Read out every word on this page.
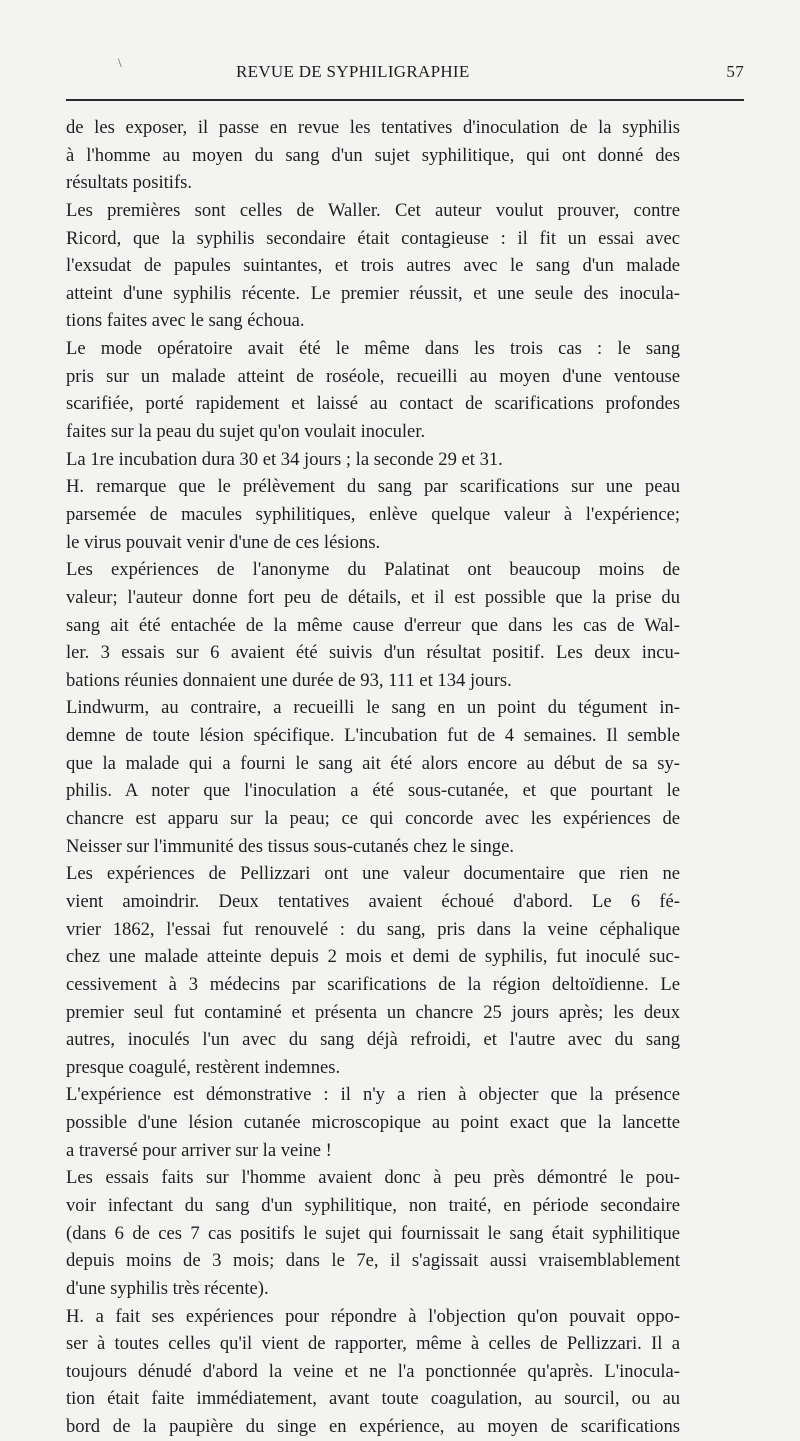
\	REVUE DE SYPHILIGRAPHIE	57
de les exposer, il passe en revue les tentatives d'inoculation de la syphilis
à l'homme au moyen du sang d'un sujet syphilitique, qui ont donné des
résultats positifs.
Les premières sont celles de Waller. Cet auteur voulut prouver, contre
Ricord, que la syphilis secondaire était contagieuse : il fit un essai avec
l'exsudat de papules suintantes, et trois autres avec le sang d'un malade
atteint d'une syphilis récente. Le premier réussit, et une seule des inocula-
tions faites avec le sang échoua.
Le mode opératoire avait été le même dans les trois cas : le sang
pris sur un malade atteint de roséole, recueilli au moyen d'une ventouse
scarifiée, porté rapidement et laissé au contact de scarifications profondes
faites sur la peau du sujet qu'on voulait inoculer.
La 1re incubation dura 30 et 34 jours ; la seconde 29 et 31.
H. remarque que le prélèvement du sang par scarifications sur une peau
parsemée de macules syphilitiques, enlève quelque valeur à l'expérience;
le virus pouvait venir d'une de ces lésions.
Les expériences de l'anonyme du Palatinat ont beaucoup moins de
valeur; l'auteur donne fort peu de détails, et il est possible que la prise du
sang ait été entachée de la même cause d'erreur que dans les cas de Wal-
ler. 3 essais sur 6 avaient été suivis d'un résultat positif. Les deux incu-
bations réunies donnaient une durée de 93, 111 et 134 jours.
Lindwurm, au contraire, a recueilli le sang en un point du tégument in-
demne de toute lésion spécifique. L'incubation fut de 4 semaines. Il semble
que la malade qui a fourni le sang ait été alors encore au début de sa sy-
philis. A noter que l'inoculation a été sous-cutanée, et que pourtant le
chancre est apparu sur la peau; ce qui concorde avec les expériences de
Neisser sur l'immunité des tissus sous-cutanés chez le singe.
Les expériences de Pellizzari ont une valeur documentaire que rien ne
vient amoindrir. Deux tentatives avaient échoué d'abord. Le 6 fé-
vrier 1862, l'essai fut renouvelé : du sang, pris dans la veine céphalique
chez une malade atteinte depuis 2 mois et demi de syphilis, fut inoculé suc-
cessivement à 3 médecins par scarifications de la région deltoïdienne. Le
premier seul fut contaminé et présenta un chancre 25 jours après; les deux
autres, inoculés l'un avec du sang déjà refroidi, et l'autre avec du sang
presque coagulé, restèrent indemnes.
L'expérience est démonstrative : il n'y a rien à objecter que la présence
possible d'une lésion cutanée microscopique au point exact que la lancette
a traversé pour arriver sur la veine !
Les essais faits sur l'homme avaient donc à peu près démontré le pou-
voir infectant du sang d'un syphilitique, non traité, en période secondaire
(dans 6 de ces 7 cas positifs le sujet qui fournissait le sang était syphilitique
depuis moins de 3 mois; dans le 7e, il s'agissait aussi vraisemblablement
d'une syphilis très récente).
H. a fait ses expériences pour répondre à l'objection qu'on pouvait oppo-
ser à toutes celles qu'il vient de rapporter, même à celles de Pellizzari. Il a
toujours dénudé d'abord la veine et ne l'a ponctionnée qu'après. L'inocula-
tion était faite immédiatement, avant toute coagulation, au sourcil, ou au
bord de la paupière du singe en expérience, au moyen de scarifications
